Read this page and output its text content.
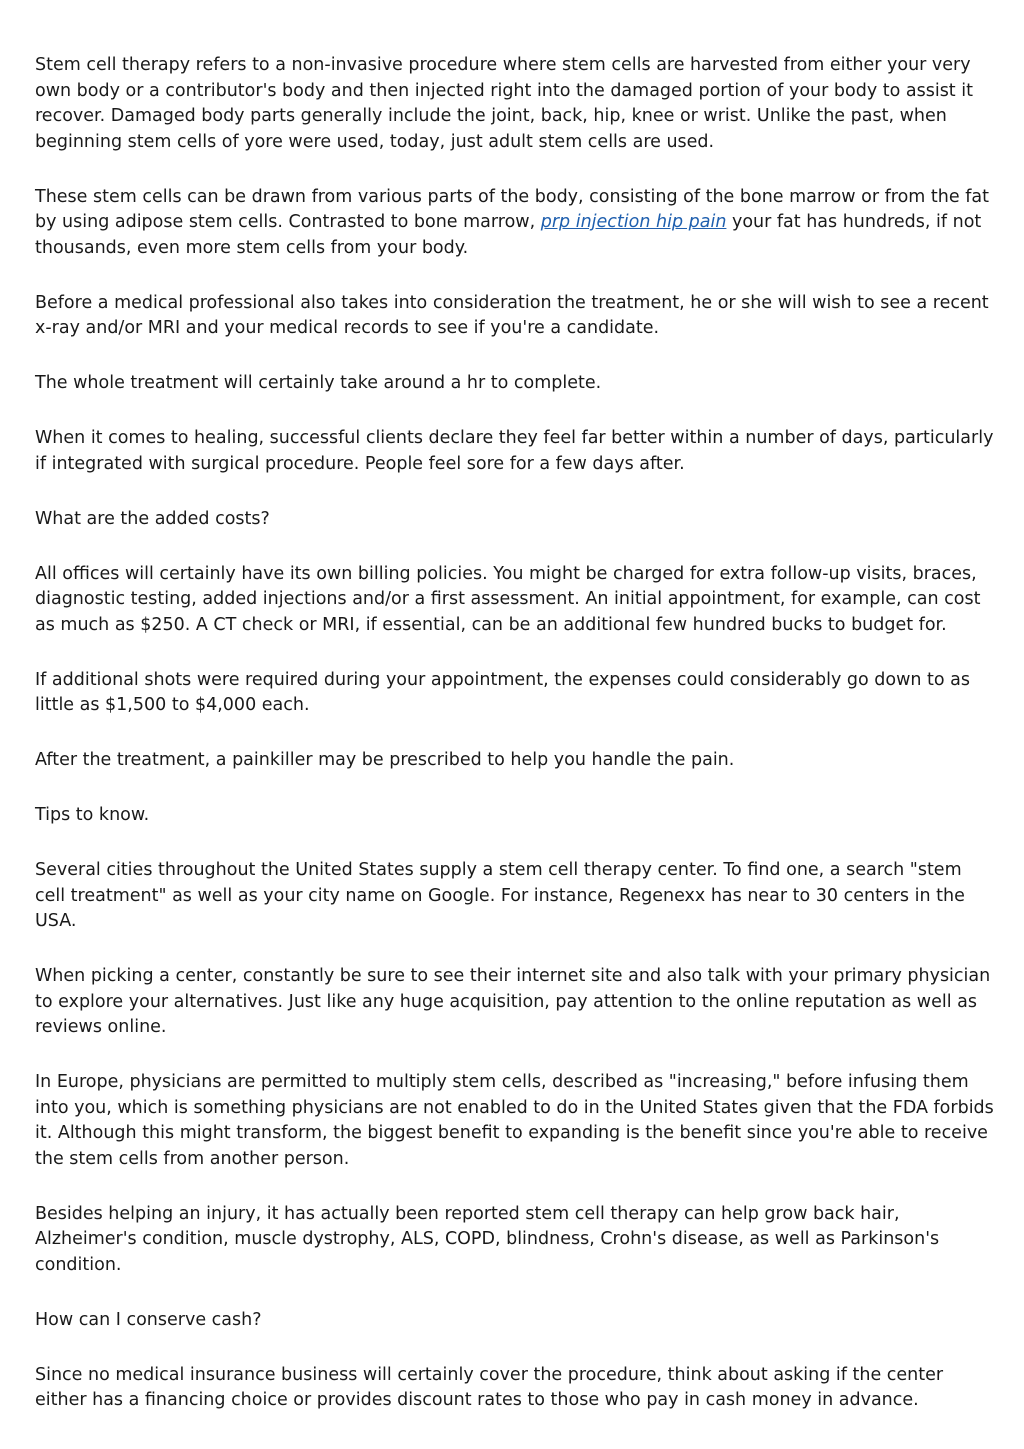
Stem cell therapy refers to a non-invasive procedure where stem cells are harvested from either your very own body or a contributor's body and then injected right into the damaged portion of your body to assist it recover. Damaged body parts generally include the joint, back, hip, knee or wrist. Unlike the past, when beginning stem cells of yore were used, today, just adult stem cells are used.

These stem cells can be drawn from various parts of the body, consisting of the bone marrow or from the fat by using adipose stem cells. Contrasted to bone marrow, prp injection hip pain your fat has hundreds, if not thousands, even more stem cells from your body.

Before a medical professional also takes into consideration the treatment, he or she will wish to see a recent x-ray and/or MRI and your medical records to see if you're a candidate.

The whole treatment will certainly take around a hr to complete.

When it comes to healing, successful clients declare they feel far better within a number of days, particularly if integrated with surgical procedure. People feel sore for a few days after.

What are the added costs?

All offices will certainly have its own billing policies. You might be charged for extra follow-up visits, braces, diagnostic testing, added injections and/or a first assessment. An initial appointment, for example, can cost as much as $250. A CT check or MRI, if essential, can be an additional few hundred bucks to budget for.

If additional shots were required during your appointment, the expenses could considerably go down to as little as $1,500 to $4,000 each.

After the treatment, a painkiller may be prescribed to help you handle the pain.

Tips to know.

Several cities throughout the United States supply a stem cell therapy center. To find one, a search "stem cell treatment" as well as your city name on Google. For instance, Regenexx has near to 30 centers in the USA.

When picking a center, constantly be sure to see their internet site and also talk with your primary physician to explore your alternatives. Just like any huge acquisition, pay attention to the online reputation as well as reviews online.

In Europe, physicians are permitted to multiply stem cells, described as "increasing," before infusing them into you, which is something physicians are not enabled to do in the United States given that the FDA forbids it. Although this might transform, the biggest benefit to expanding is the benefit since you're able to receive the stem cells from another person.

Besides helping an injury, it has actually been reported stem cell therapy can help grow back hair, Alzheimer's condition, muscle dystrophy, ALS, COPD, blindness, Crohn's disease, as well as Parkinson's condition.

How can I conserve cash?

Since no medical insurance business will certainly cover the procedure, think about asking if the center either has a financing choice or provides discount rates to those who pay in cash money in advance.
